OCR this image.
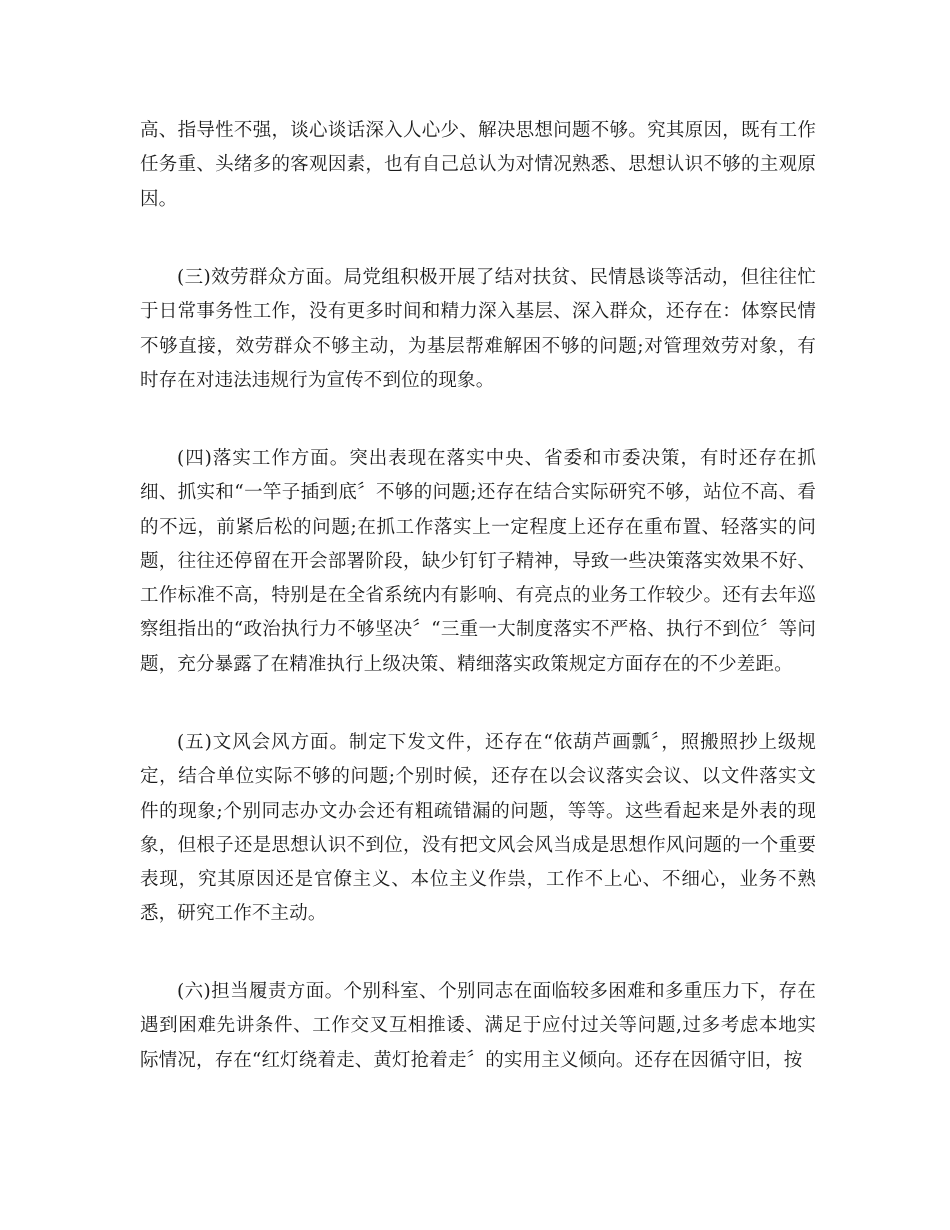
高、指导性不强，谈心谈话深入人心少、解决思想问题不够。究其原因，既有工作任务重、头绪多的客观因素，也有自己总认为对情况熟悉、思想认识不够的主观原因。

(三)效劳群众方面。局党组积极开展了结对扶贫、民情恳谈等活动，但往往忙于日常事务性工作，没有更多时间和精力深入基层、深入群众，还存在：体察民情不够直接，效劳群众不够主动，为基层帮难解困不够的问题;对管理效劳对象，有时存在对违法违规行为宣传不到位的现象。

(四)落实工作方面。突出表现在落实中央、省委和市委决策，有时还存在抓细、抓实和“一竿子插到底〞不够的问题;还存在结合实际研究不够，站位不高、看的不远，前紧后松的问题;在抓工作落实上一定程度上还存在重布置、轻落实的问题，往往还停留在开会部署阶段，缺少钉钉子精神，导致一些决策落实效果不好、工作标准不高，特别是在全省系统内有影响、有亮点的业务工作较少。还有去年巡察组指出的“政治执行力不够坚决〞“三重一大制度落实不严格、执行不到位〞等问题，充分暴露了在精准执行上级决策、精细落实政策规定方面存在的不少差距。

(五)文风会风方面。制定下发文件，还存在“依葫芦画瓢〞，照搬照抄上级规定，结合单位实际不够的问题;个别时候，还存在以会议落实会议、以文件落实文件的现象;个别同志办文办会还有粗疏错漏的问题，等等。这些看起来是外表的现象，但根子还是思想认识不到位，没有把文风会风当成是思想作风问题的一个重要表现，究其原因还是官僚主义、本位主义作祟，工作不上心、不细心，业务不熟悉，研究工作不主动。

(六)担当履责方面。个别科室、个别同志在面临较多困难和多重压力下，存在遇到困难先讲条件、工作交叉互相推诿、满足于应付过关等问题,过多考虑本地实际情况，存在“红灯绕着走、黄灯抢着走〞的实用主义倾向。还存在因循守旧，按
